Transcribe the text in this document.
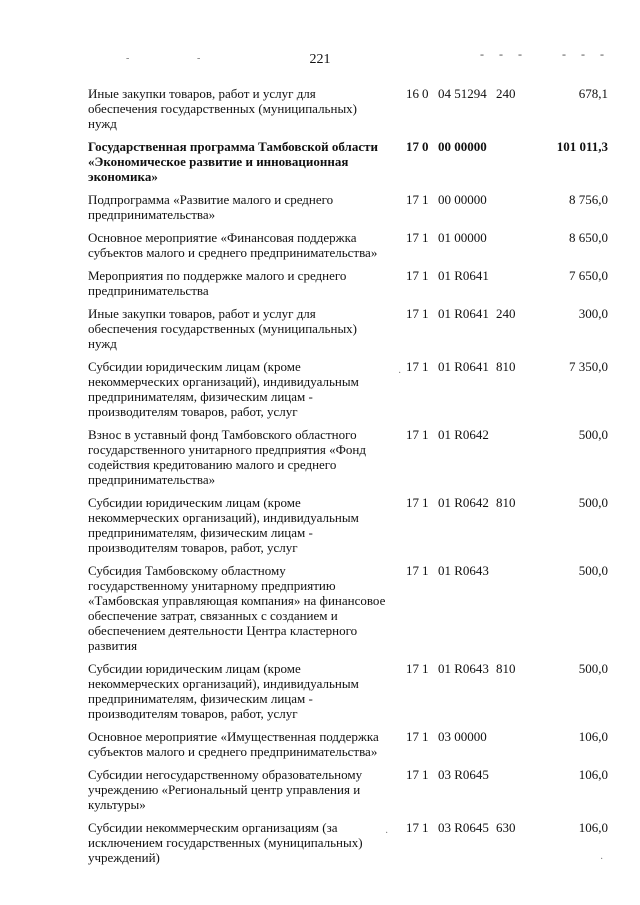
- - -	- - -
221
Иные закупки товаров, работ и услуг для обеспечения государственных (муниципальных) нужд
16 0 04 51294 240	678,1
Государственная программа Тамбовской области «Экономическое развитие и инновационная экономика»
17 0 00 00000	101 011,3
Подпрограмма «Развитие малого и среднего предпринимательства»
17 1 00 00000	8 756,0
Основное мероприятие «Финансовая поддержка субъектов малого и среднего предпринимательства»
17 1 01 00000	8 650,0
Мероприятия по поддержке малого и среднего предпринимательства
17 1 01 R0641	7 650,0
Иные закупки товаров, работ и услуг для обеспечения государственных (муниципальных) нужд
17 1 01 R0641 240	300,0
Субсидии юридическим лицам (кроме некоммерческих организаций), индивидуальным предпринимателям, физическим лицам - производителям товаров, работ, услуг
17 1 01 R0641 810	7 350,0
Взнос в уставный фонд Тамбовского областного государственного унитарного предприятия «Фонд содействия кредитованию малого и среднего предпринимательства»
17 1 01 R0642	500,0
Субсидии юридическим лицам (кроме некоммерческих организаций), индивидуальным предпринимателям, физическим лицам - производителям товаров, работ, услуг
17 1 01 R0642 810	500,0
Субсидия Тамбовскому областному государственному унитарному предприятию «Тамбовская управляющая компания» на финансовое обеспечение затрат, связанных с созданием и обеспечением деятельности Центра кластерного развития
17 1 01 R0643	500,0
Субсидии юридическим лицам (кроме некоммерческих организаций), индивидуальным предпринимателям, физическим лицам - производителям товаров, работ, услуг
17 1 01 R0643 810	500,0
Основное мероприятие «Имущественная поддержка субъектов малого и среднего предпринимательства»
17 1 03 00000	106,0
Субсидии негосударственному образовательному учреждению «Региональный центр управления и культуры»
17 1 03 R0645	106,0
Субсидии некоммерческим организациям (за исключением государственных (муниципальных) учреждений)
17 1 03 R0645 630	106,0
-	-
·
·
·
